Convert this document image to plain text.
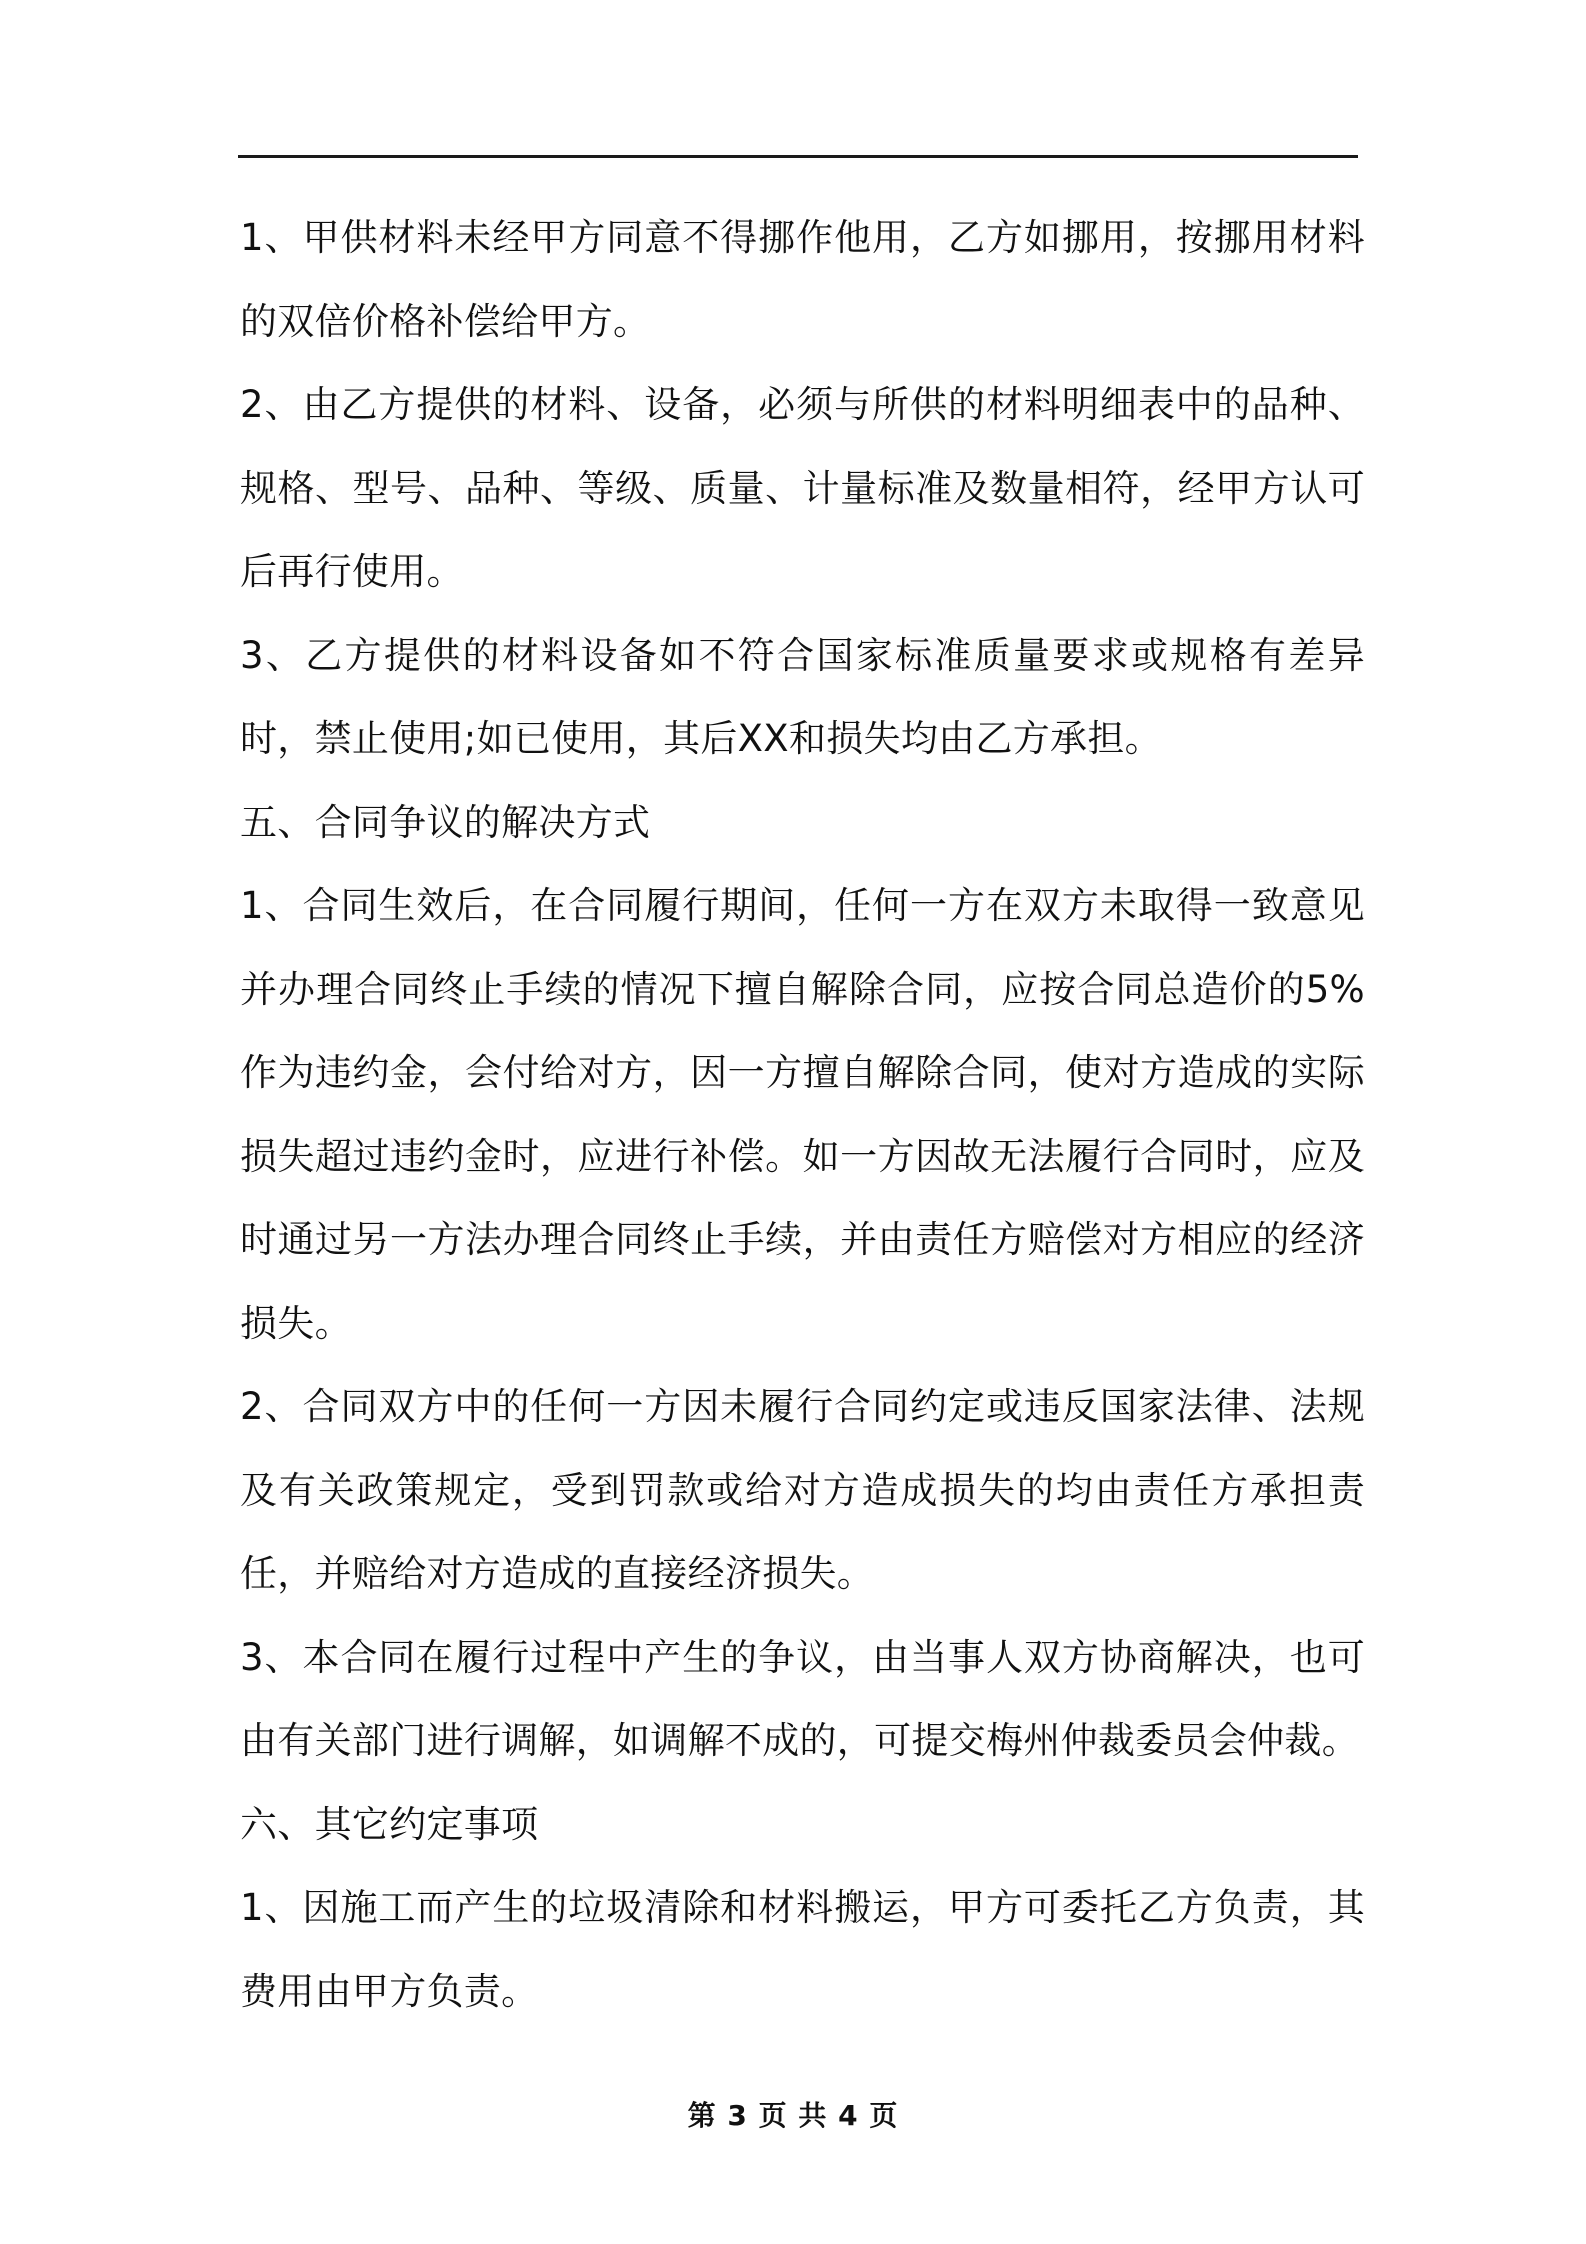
1、甲供材料未经甲方同意不得挪作他用，乙方如挪用，按挪用材料的双倍价格补偿给甲方。

2、由乙方提供的材料、设备，必须与所供的材料明细表中的品种、规格、型号、品种、等级、质量、计量标准及数量相符，经甲方认可后再行使用。

3、乙方提供的材料设备如不符合国家标准质量要求或规格有差异时，禁止使用;如已使用，其后XX和损失均由乙方承担。

五、合同争议的解决方式

1、合同生效后，在合同履行期间，任何一方在双方未取得一致意见并办理合同终止手续的情况下擅自解除合同，应按合同总造价的5%作为违约金，会付给对方，因一方擅自解除合同，使对方造成的实际损失超过违约金时，应进行补偿。如一方因故无法履行合同时，应及时通过另一方法办理合同终止手续，并由责任方赔偿对方相应的经济损失。

2、合同双方中的任何一方因未履行合同约定或违反国家法律、法规及有关政策规定，受到罚款或给对方造成损失的均由责任方承担责任，并赔给对方造成的直接经济损失。

3、本合同在履行过程中产生的争议，由当事人双方协商解决，也可由有关部门进行调解，如调解不成的，可提交梅州仲裁委员会仲裁。

六、其它约定事项

1、因施工而产生的垃圾清除和材料搬运，甲方可委托乙方负责，其费用由甲方负责。

第 3 页 共 4 页
